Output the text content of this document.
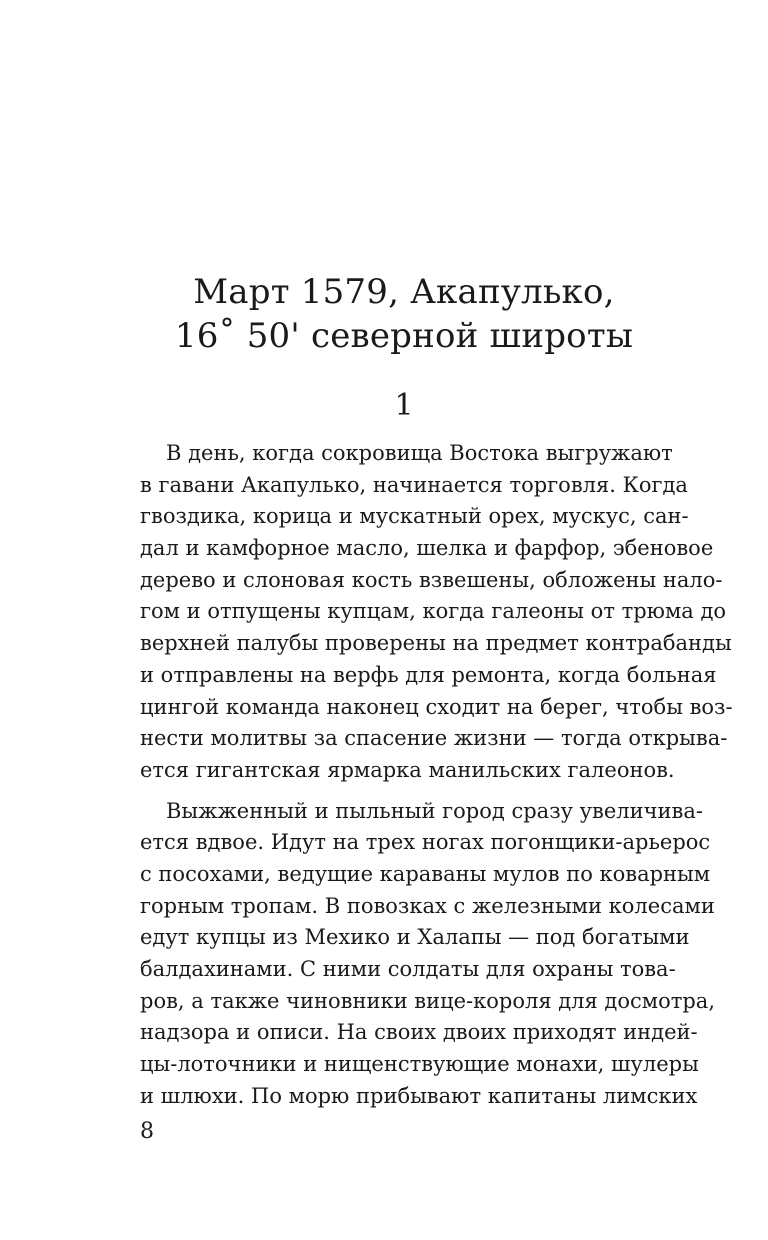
Март 1579, Акапулько,
16˚ 50' северной широты
1
В день, когда сокровища Востока выгружают
в гавани Акапулько, начинается торговля. Когда
гвоздика, корица и мускатный орех, мускус, сан-
дал и камфорное масло, шелка и фарфор, эбеновое
дерево и слоновая кость взвешены, обложены нало-
гом и отпущены купцам, когда галеоны от трюма до
верхней палубы проверены на предмет контрабанды
и отправлены на верфь для ремонта, когда больная
цингой команда наконец сходит на берег, чтобы воз-
нести молитвы за спасение жизни — тогда открыва-
ется гигантская ярмарка манильских галеонов.
Выжженный и пыльный город сразу увеличива-
ется вдвое. Идут на трех ногах погонщики-арьерос
с посохами, ведущие караваны мулов по коварным
горным тропам. В повозках с железными колесами
едут купцы из Мехико и Халапы — под богатыми
балдахинами. С ними солдаты для охраны това-
ров, а также чиновники вице-короля для досмотра,
надзора и описи. На своих двоих приходят индей-
цы-лоточники и нищенствующие монахи, шулеры
и шлюхи. По морю прибывают капитаны лимских
8
